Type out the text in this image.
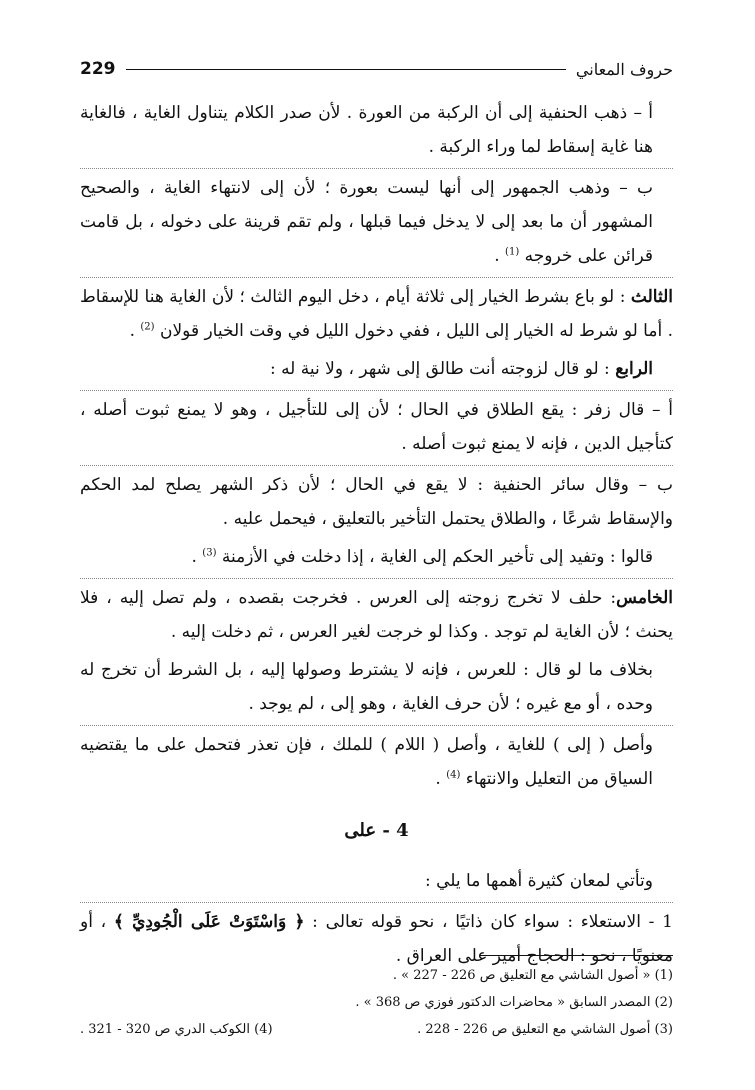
229	حروف المعاني

أ – ذهب الحنفية إلى أن الركبة من العورة . لأن صدر الكلام يتناول الغاية ، فالغاية هنا غاية إسقاط لما وراء الركبة .

ب – وذهب الجمهور إلى أنها ليست بعورة ؛ لأن إلى لانتهاء الغاية ، والصحيح المشهور أن ما بعد إلى لا يدخل فيما قبلها ، ولم تقم قرينة على دخوله ، بل قامت قرائن على خروجه $^{(1)}$ .

الثالث : لو باع بشرط الخيار إلى ثلاثة أيام ، دخل اليوم الثالث ؛ لأن الغاية هنا للإسقاط . أما لو شرط له الخيار إلى الليل ، ففي دخول الليل في وقت الخيار قولان $^{(2)}$ .

الرابع : لو قال لزوجته أنت طالق إلى شهر ، ولا نية له :

أ – قال زفر : يقع الطلاق في الحال ؛ لأن إلى للتأجيل ، وهو لا يمنع ثبوت أصله ، كتأجيل الدين ، فإنه لا يمنع ثبوت أصله .

ب – وقال سائر الحنفية : لا يقع في الحال ؛ لأن ذكر الشهر يصلح لمد الحكم والإسقاط شرعًا ، والطلاق يحتمل التأخير بالتعليق ، فيحمل عليه .

قالوا : وتفيد إلى تأخير الحكم إلى الغاية ، إذا دخلت في الأزمنة $^{(3)}$ .

الخامس: حلف لا تخرج زوجته إلى العرس . فخرجت بقصده ، ولم تصل إليه ، فلا يحنث ؛ لأن الغاية لم توجد . وكذا لو خرجت لغير العرس ، ثم دخلت إليه .

بخلاف ما لو قال : للعرس ، فإنه لا يشترط وصولها إليه ، بل الشرط أن تخرج له وحده ، أو مع غيره ؛ لأن حرف الغاية ، وهو إلى ، لم يوجد .

وأصل ( إلى ) للغاية ، وأصل ( اللام ) للملك ، فإن تعذر فتحمل على ما يقتضيه السياق من التعليل والانتهاء $^{(4)}$ .

4 - على

وتأتي لمعان كثيرة أهمها ما يلي :

1 - الاستعلاء : سواء كان ذاتيًا ، نحو قوله تعالى : ﴿ وَاسْتَوَتْ عَلَى الْجُودِيِّ ﴾ ، أو معنويًا ، نحو : الحجاج أمير على العراق .

(1) « أصول الشاشي مع التعليق ص 226 - 227 » .
(2) المصدر السابق « محاضرات الدكتور فوزي ص 368 » .
(3) أصول الشاشي مع التعليق ص 226 - 228 .
(4) الكوكب الدري ص 320 - 321 .
